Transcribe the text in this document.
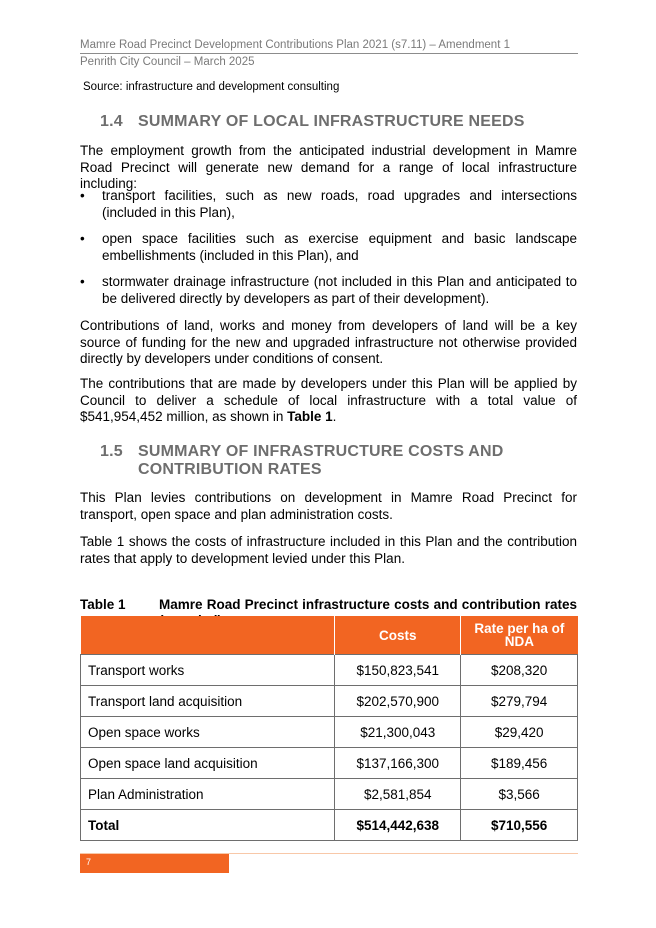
Mamre Road Precinct Development Contributions Plan 2021 (s7.11) – Amendment 1
Penrith City Council – March 2025
Source: infrastructure and development consulting
1.4 SUMMARY OF LOCAL INFRASTRUCTURE NEEDS
The employment growth from the anticipated industrial development in Mamre Road Precinct will generate new demand for a range of local infrastructure including:
•	transport facilities, such as new roads, road upgrades and intersections (included in this Plan),
•	open space facilities such as exercise equipment and basic landscape embellishments (included in this Plan), and
•	stormwater drainage infrastructure (not included in this Plan and anticipated to be delivered directly by developers as part of their development).
Contributions of land, works and money from developers of land will be a key source of funding for the new and upgraded infrastructure not otherwise provided directly by developers under conditions of consent.
The contributions that are made by developers under this Plan will be applied by Council to deliver a schedule of local infrastructure with a total value of $541,954,452 million, as shown in Table 1.
1.5 SUMMARY OF INFRASTRUCTURE COSTS AND
CONTRIBUTION RATES
This Plan levies contributions on development in Mamre Road Precinct for transport, open space and plan administration costs.
Table 1 shows the costs of infrastructure included in this Plan and the contribution rates that apply to development levied under this Plan.
Table 1 Mamre Road Precinct infrastructure costs and contribution rates
	Costs	Rate per ha of NDA
Transport works	$150,823,541	$208,320
Transport land acquisition	$202,570,900	$279,794
Open space works	$21,300,043	$29,420
Open space land acquisition	$137,166,300	$189,456
Plan Administration	$2,581,854	$3,566
Total	$514,442,638	$710,556
7
